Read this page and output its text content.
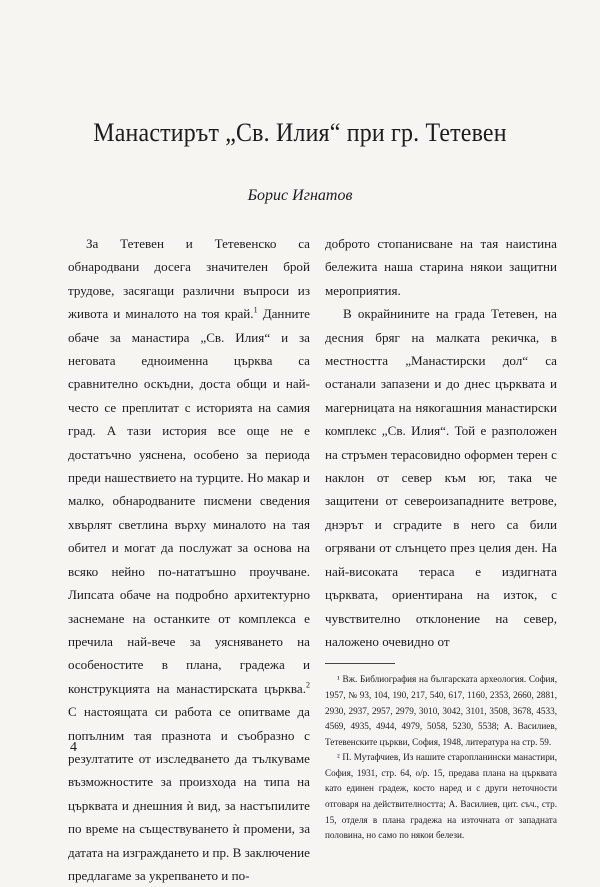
Манастирът „Св. Илия“ при гр. Тетевен
Борис Игнатов

За Тетевен и Тетевенско са обнародвани досега значителен брой трудове, засягащи различни въпроси из живота и миналото на тоя край.$^1$ Данните обаче за манастира „Св. Илия“ и за неговата едноименна църква са сравнително оскъдни, доста общи и най-често се преплитат с историята на самия град. А тази история все още не е достатъчно уяснена, особено за периода преди нашествието на турците. Но макар и малко, обнародваните писмени сведения хвърлят светлина върху миналото на тая обител и могат да послужат за основа на всяко нейно по-нататъшно проучване. Липсата обаче на подробно архитектурно заснемане на останките от комплекса е пречила най-вече за уясняването на особеностите в плана, градежа и конструкцията на манастирската църква.$^2$ С настоящата си работа се опитваме да попълним тая празнота и съобразно с резултатите от изследването да тълкуваме възможностите за произхода на типа на църквата и днешния ѝ вид, за настъпилите по време на съществуването ѝ промени, за датата на изграждането и пр. В заключение предлагаме за укрепването и по-

доброто стопанисване на тая наистина бележита наша старина някои защитни мероприятия.

В окрайнините на града Тетевен, на десния бряг на малката рекичка, в местността „Манастирски дол“ са останали запазени и до днес църквата и магерницата на някогашния манастирски комплекс „Св. Илия“. Той е разположен на стръмен терасовидно оформен терен с наклон от север към юг, така че защитени от североизападните ветрове, днэрът и сградите в него са били огрявани от слънцето през целия ден. На най-високата тераса е издигната църквата, ориентирана на изток, с чувствително отклонение на север, наложено очевидно от

¹ Вж. Библиография на българската археология. София, 1957, № 93, 104, 190, 217, 540, 617, 1160, 2353, 2660, 2881, 2930, 2937, 2957, 2979, 3010, 3042, 3101, 3508, 3678, 4533, 4569, 4935, 4944, 4979, 5058, 5230, 5538; А. Василиев, Тетевенските църкви, София, 1948, литература на стр. 59.

² П. Мутафчиев, Из нашите старопланински манастири, София, 1931, стр. 64, о/р. 15, предава плана на църквата като единен градеж, косто наред и с други неточности отговаря на действителността; А. Василиев, цит. съч., стр. 15, отделя в плана градежа на източната от западната половина, но само по някои белези.

4
